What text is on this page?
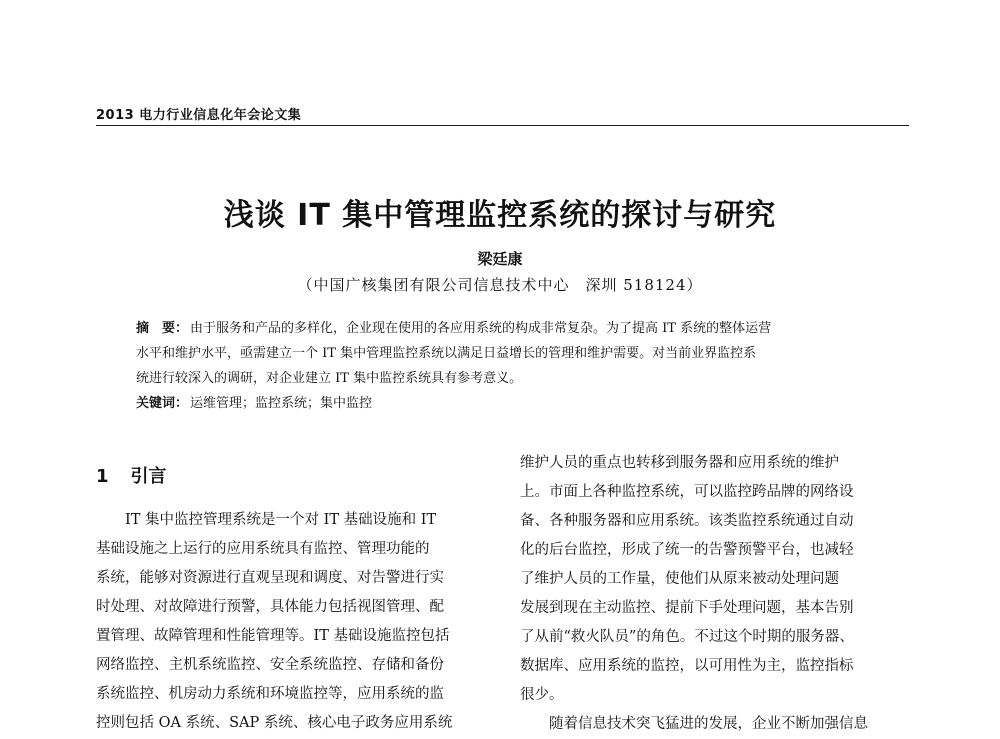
2013 电力行业信息化年会论文集
浅谈 IT 集中管理监控系统的探讨与研究
梁廷康
（中国广核集团有限公司信息技术中心　深圳 518124）
摘　要： 由于服务和产品的多样化，企业现在使用的各应用系统的构成非常复杂。为了提高 IT 系统的整体运营
水平和维护水平，亟需建立一个 IT 集中管理监控系统以满足日益增长的管理和维护需要。对当前业界监控系
统进行较深入的调研，对企业建立 IT 集中监控系统具有参考意义。
关键词： 运维管理；监控系统；集中监控
1 引言
　　IT 集中监控管理系统是一个对 IT 基础设施和 IT
基础设施之上运行的应用系统具有监控、管理功能的
系统，能够对资源进行直观呈现和调度、对告警进行实
时处理、对故障进行预警，具体能力包括视图管理、配
置管理、故障管理和性能管理等。IT 基础设施监控包括
网络监控、主机系统监控、安全系统监控、存储和备份
系统监控、机房动力系统和环境监控等，应用系统的监
控则包括 OA 系统、SAP 系统、核心电子政务应用系统
维护人员的重点也转移到服务器和应用系统的维护
上。市面上各种监控系统，可以监控跨品牌的网络设
备、各种服务器和应用系统。该类监控系统通过自动
化的后台监控，形成了统一的告警预警平台，也减轻
了维护人员的工作量，使他们从原来被动处理问题
发展到现在主动监控、提前下手处理问题，基本告别
了从前“救火队员”的角色。不过这个时期的服务器、
数据库、应用系统的监控，以可用性为主，监控指标
很少。
　　随着信息技术突飞猛进的发展，企业不断加强信息
